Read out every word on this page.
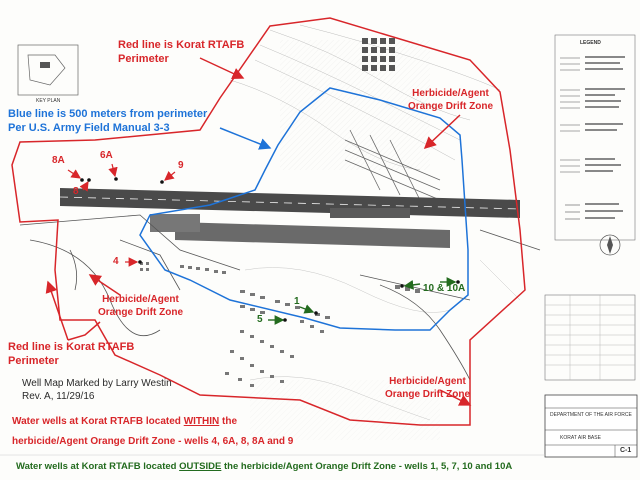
Red line is Korat RTAFB
Perimeter
Red line is Korat RTAFB
Perimeter
Blue line is 500 meters from perimeter
Per U.S. Army Field Manual 3-3
Herbicide/Agent
Orange Drift Zone
Herbicide/Agent
Orange Drift Zone
Herbicide/Agent
Orange Drift Zone
8A	6A
9
8
4
1
5
10 & 10A
Well Map Marked by Larry Westin
Rev. A, 11/29/16
Water wells at Korat RTAFB located WITHIN the
herbicide/Agent Orange Drift Zone - wells 4, 6A, 8, 8A and 9
Water wells at Korat RTAFB located OUTSIDE the herbicide/Agent Orange Drift Zone - wells 1, 5, 7, 10 and 10A
KEY PLAN
LEGEND
DEPARTMENT OF THE AIR FORCE
KORAT AIR BASE
C-1
